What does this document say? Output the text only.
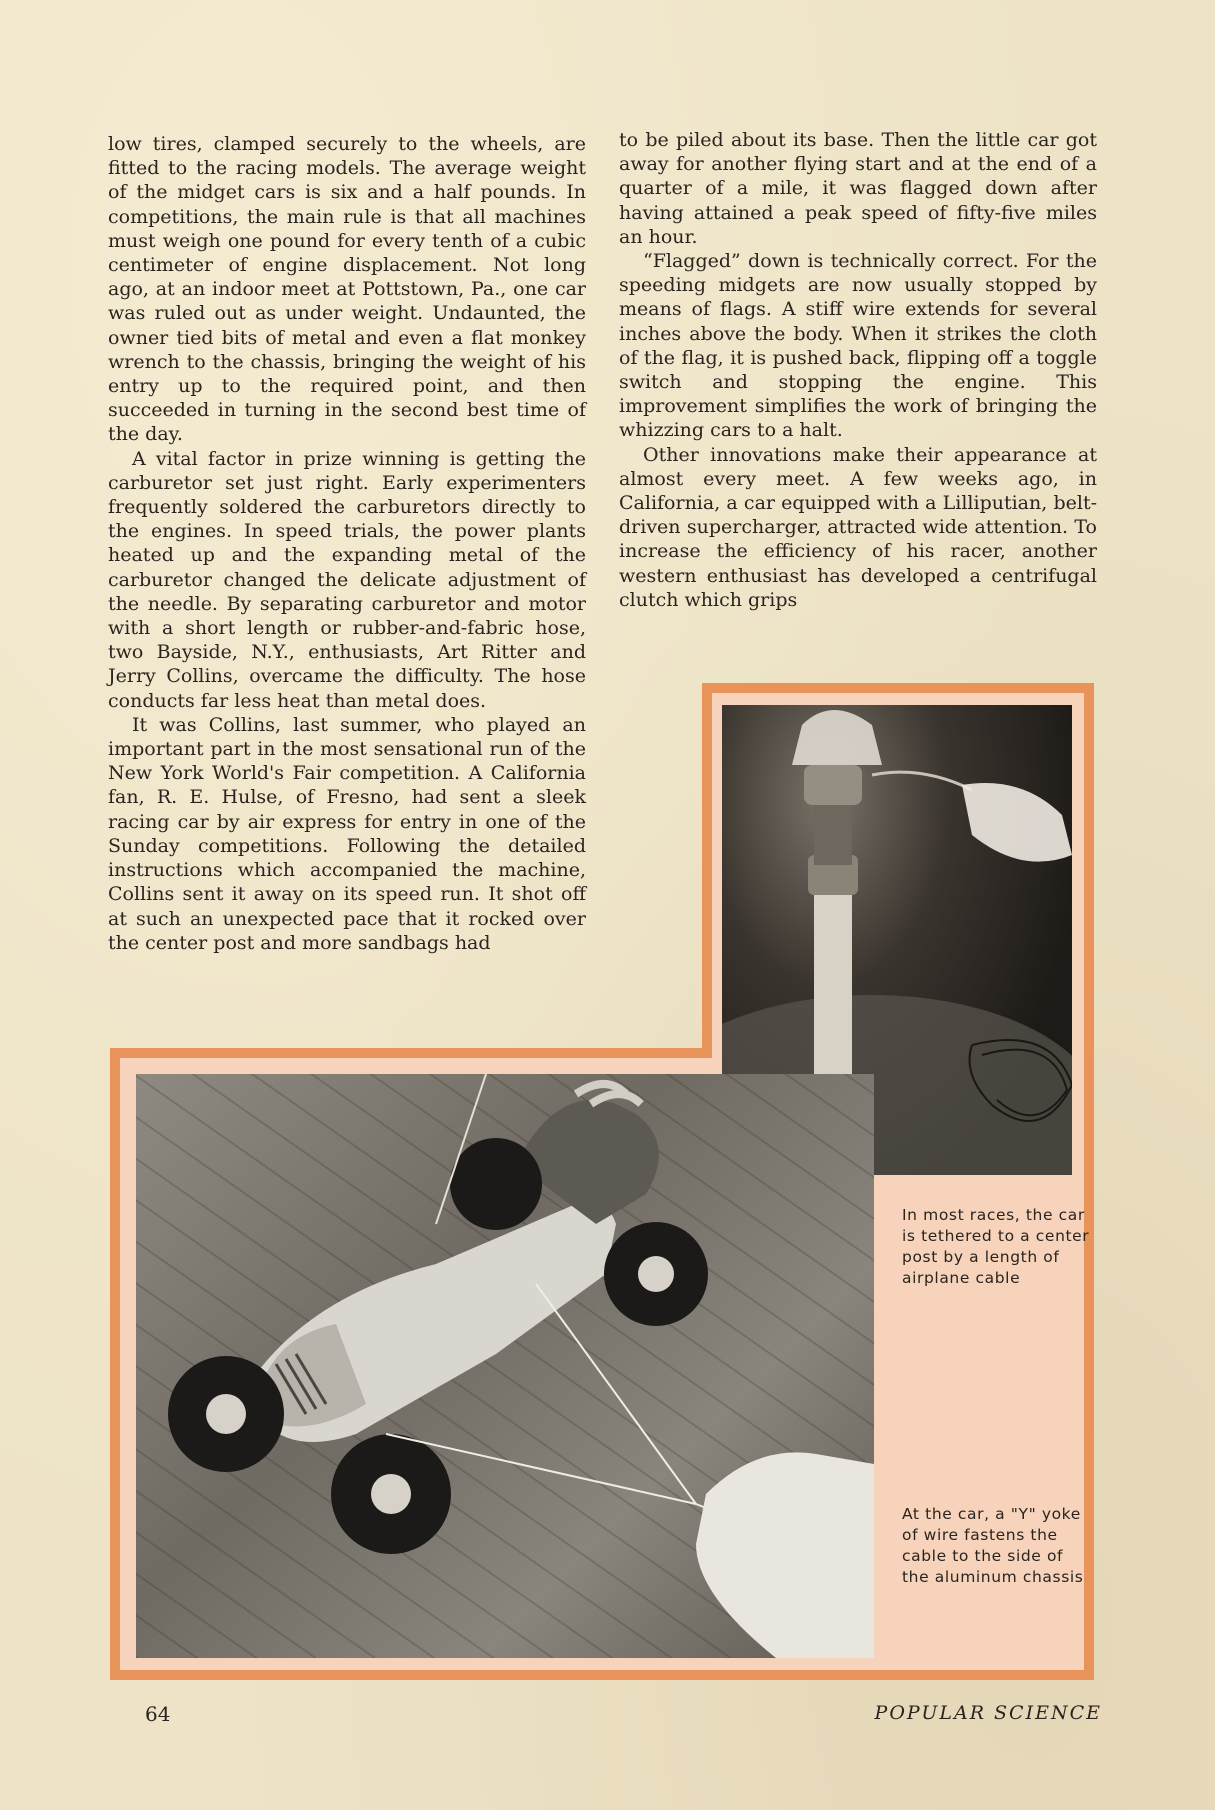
low tires, clamped securely to the wheels, are fitted to the racing models. The average weight of the midget cars is six and a half pounds. In competitions, the main rule is that all machines must weigh one pound for every tenth of a cubic centimeter of engine displacement. Not long ago, at an indoor meet at Pottstown, Pa., one car was ruled out as under weight. Undaunted, the owner tied bits of metal and even a flat monkey wrench to the chassis, bringing the weight of his entry up to the required point, and then succeeded in turning in the second best time of the day.

A vital factor in prize winning is getting the carburetor set just right. Early experimenters frequently soldered the carburetors directly to the engines. In speed trials, the power plants heated up and the expanding metal of the carburetor changed the delicate adjustment of the needle. By separating carburetor and motor with a short length or rubber-and-fabric hose, two Bayside, N.Y., enthusiasts, Art Ritter and Jerry Collins, overcame the difficulty. The hose conducts far less heat than metal does.

It was Collins, last summer, who played an important part in the most sensational run of the New York World's Fair competition. A California fan, R. E. Hulse, of Fresno, had sent a sleek racing car by air express for entry in one of the Sunday competitions. Following the detailed instructions which accompanied the machine, Collins sent it away on its speed run. It shot off at such an unexpected pace that it rocked over the center post and more sandbags had

to be piled about its base. Then the little car got away for another flying start and at the end of a quarter of a mile, it was flagged down after having attained a peak speed of fifty-five miles an hour.

“Flagged” down is technically correct. For the speeding midgets are now usually stopped by means of flags. A stiff wire extends for several inches above the body. When it strikes the cloth of the flag, it is pushed back, flipping off a toggle switch and stopping the engine. This improvement simplifies the work of bringing the whizzing cars to a halt.

Other innovations make their appearance at almost every meet. A few weeks ago, in California, a car equipped with a Lilliputian, belt-driven supercharger, attracted wide attention. To increase the efficiency of his racer, another western enthusiast has developed a centrifugal clutch which grips

In most races, the car is tethered to a center post by a length of airplane cable
At the car, a "Y" yoke of wire fastens the cable to the side of the aluminum chassis
64	POPULAR SCIENCE
